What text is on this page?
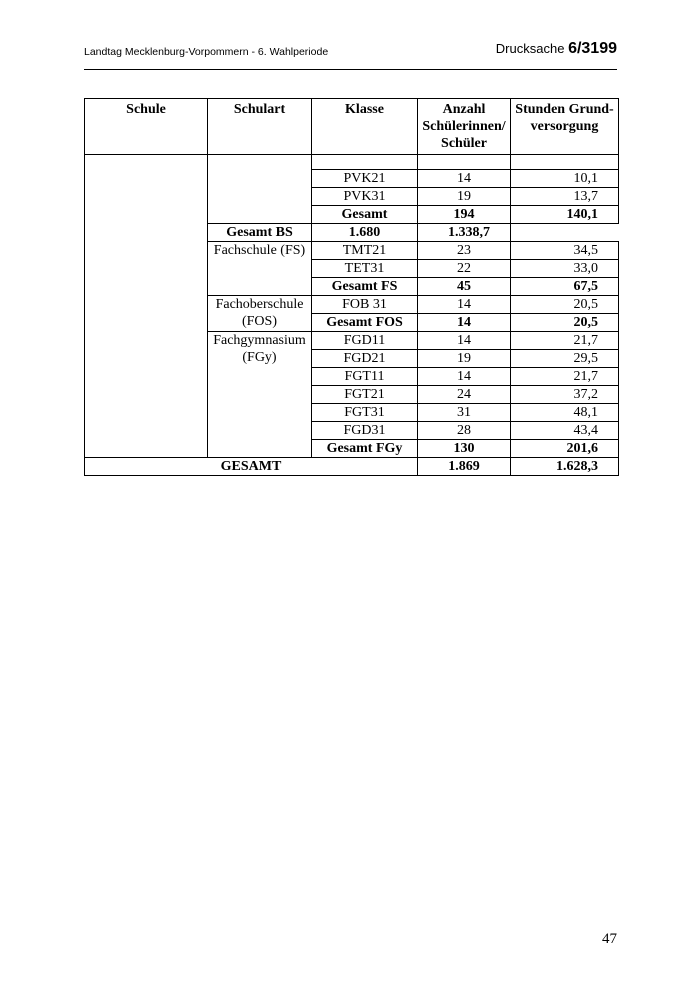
Landtag Mecklenburg-Vorpommern - 6. Wahlperiode	Drucksache 6/3199
Schule	Schulart	Klasse	Anzahl Schülerinnen/ Schüler	Stunden Grund-versorgung

		PVK21	14	10,1
		PVK31	19	13,7
		Gesamt	194	140,1
	Gesamt BS	1.680	1.338,7	
	Fachschule (FS)	TMT21	23	34,5
		TET31	22	33,0
		Gesamt FS	45	67,5
	Fachoberschule (FOS)	FOB 31	14	20,5
		Gesamt FOS	14	20,5
	Fachgymnasium (FGy)	FGD11	14	21,7
		FGD21	19	29,5
		FGT11	14	21,7
		FGT21	24	37,2
		FGT31	31	48,1
		FGD31	28	43,4
		Gesamt FGy	130	201,6
GESAMT			1.869	1.628,3
47
